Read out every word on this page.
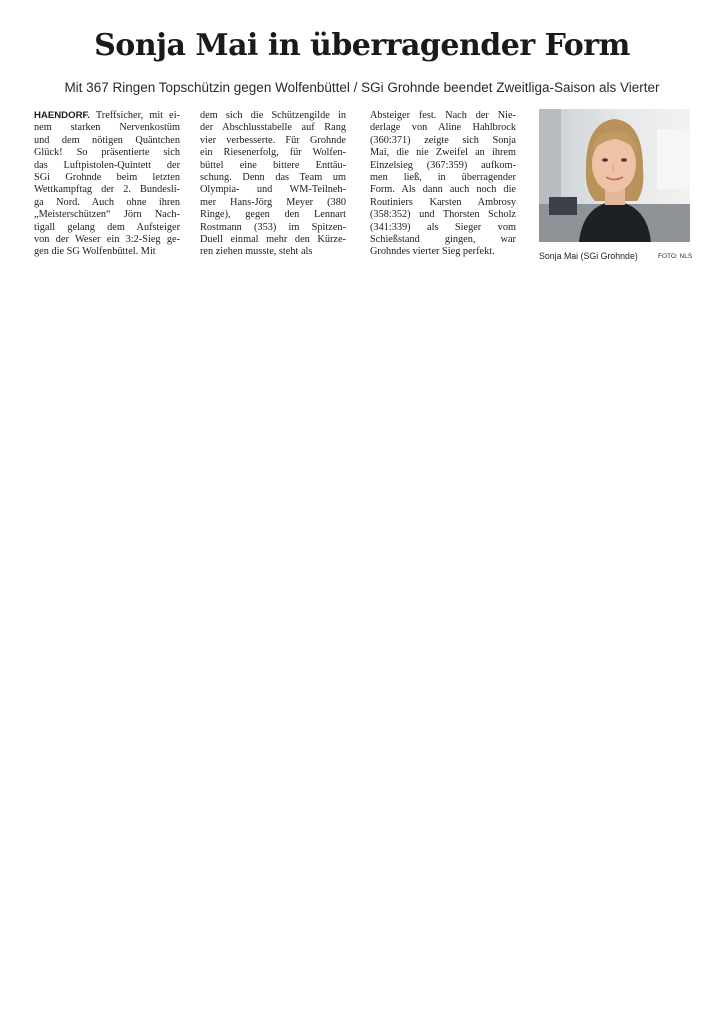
Sonja Mai in überragender Form
Mit 367 Ringen Topschützin gegen Wolfenbüttel / SGi Grohnde beendet Zweitliga-Saison als Vierter
HAENDORF. Treffsicher, mit ei-
nem starken Nervenkostüm
und dem nötigen Quäntchen
Glück! So präsentierte sich
das Luftpistolen-Quintett der
SGi Grohnde beim letzten
Wettkampftag der 2. Bundesli-
ga Nord. Auch ohne ihren
„Meisterschützen“ Jörn Nach-
tigall gelang dem Aufsteiger
von der Weser ein 3:2-Sieg ge-
gen die SG Wolfenbüttel. Mit
dem sich die Schützengilde in
der Abschlusstabelle auf Rang
vier verbesserte. Für Grohnde
ein Riesenerfolg, für Wolfen-
büttel eine bittere Enttäu-
schung. Denn das Team um
Olympia- und WM-Teilneh-
mer Hans-Jörg Meyer (380
Ringe), gegen den Lennart
Rostmann (353) im Spitzen-
Duell einmal mehr den Kürze-
ren ziehen musste, steht als
Absteiger fest. Nach der Nie-
derlage von Aline Hahlbrock
(360:371) zeigte sich Sonja
Mai, die nie Zweifel an ihrem
Einzelsieg (367:359) aufkom-
men ließ, in überragender
Form. Als dann auch noch die
Routiniers Karsten Ambrosy
(358:352) und Thorsten Scholz
(341:339) als Sieger vom
Schießstand gingen, war
Grohndes vierter Sieg perfekt.	Sonja Mai (SGi Grohnde)	FOTO: NLS
